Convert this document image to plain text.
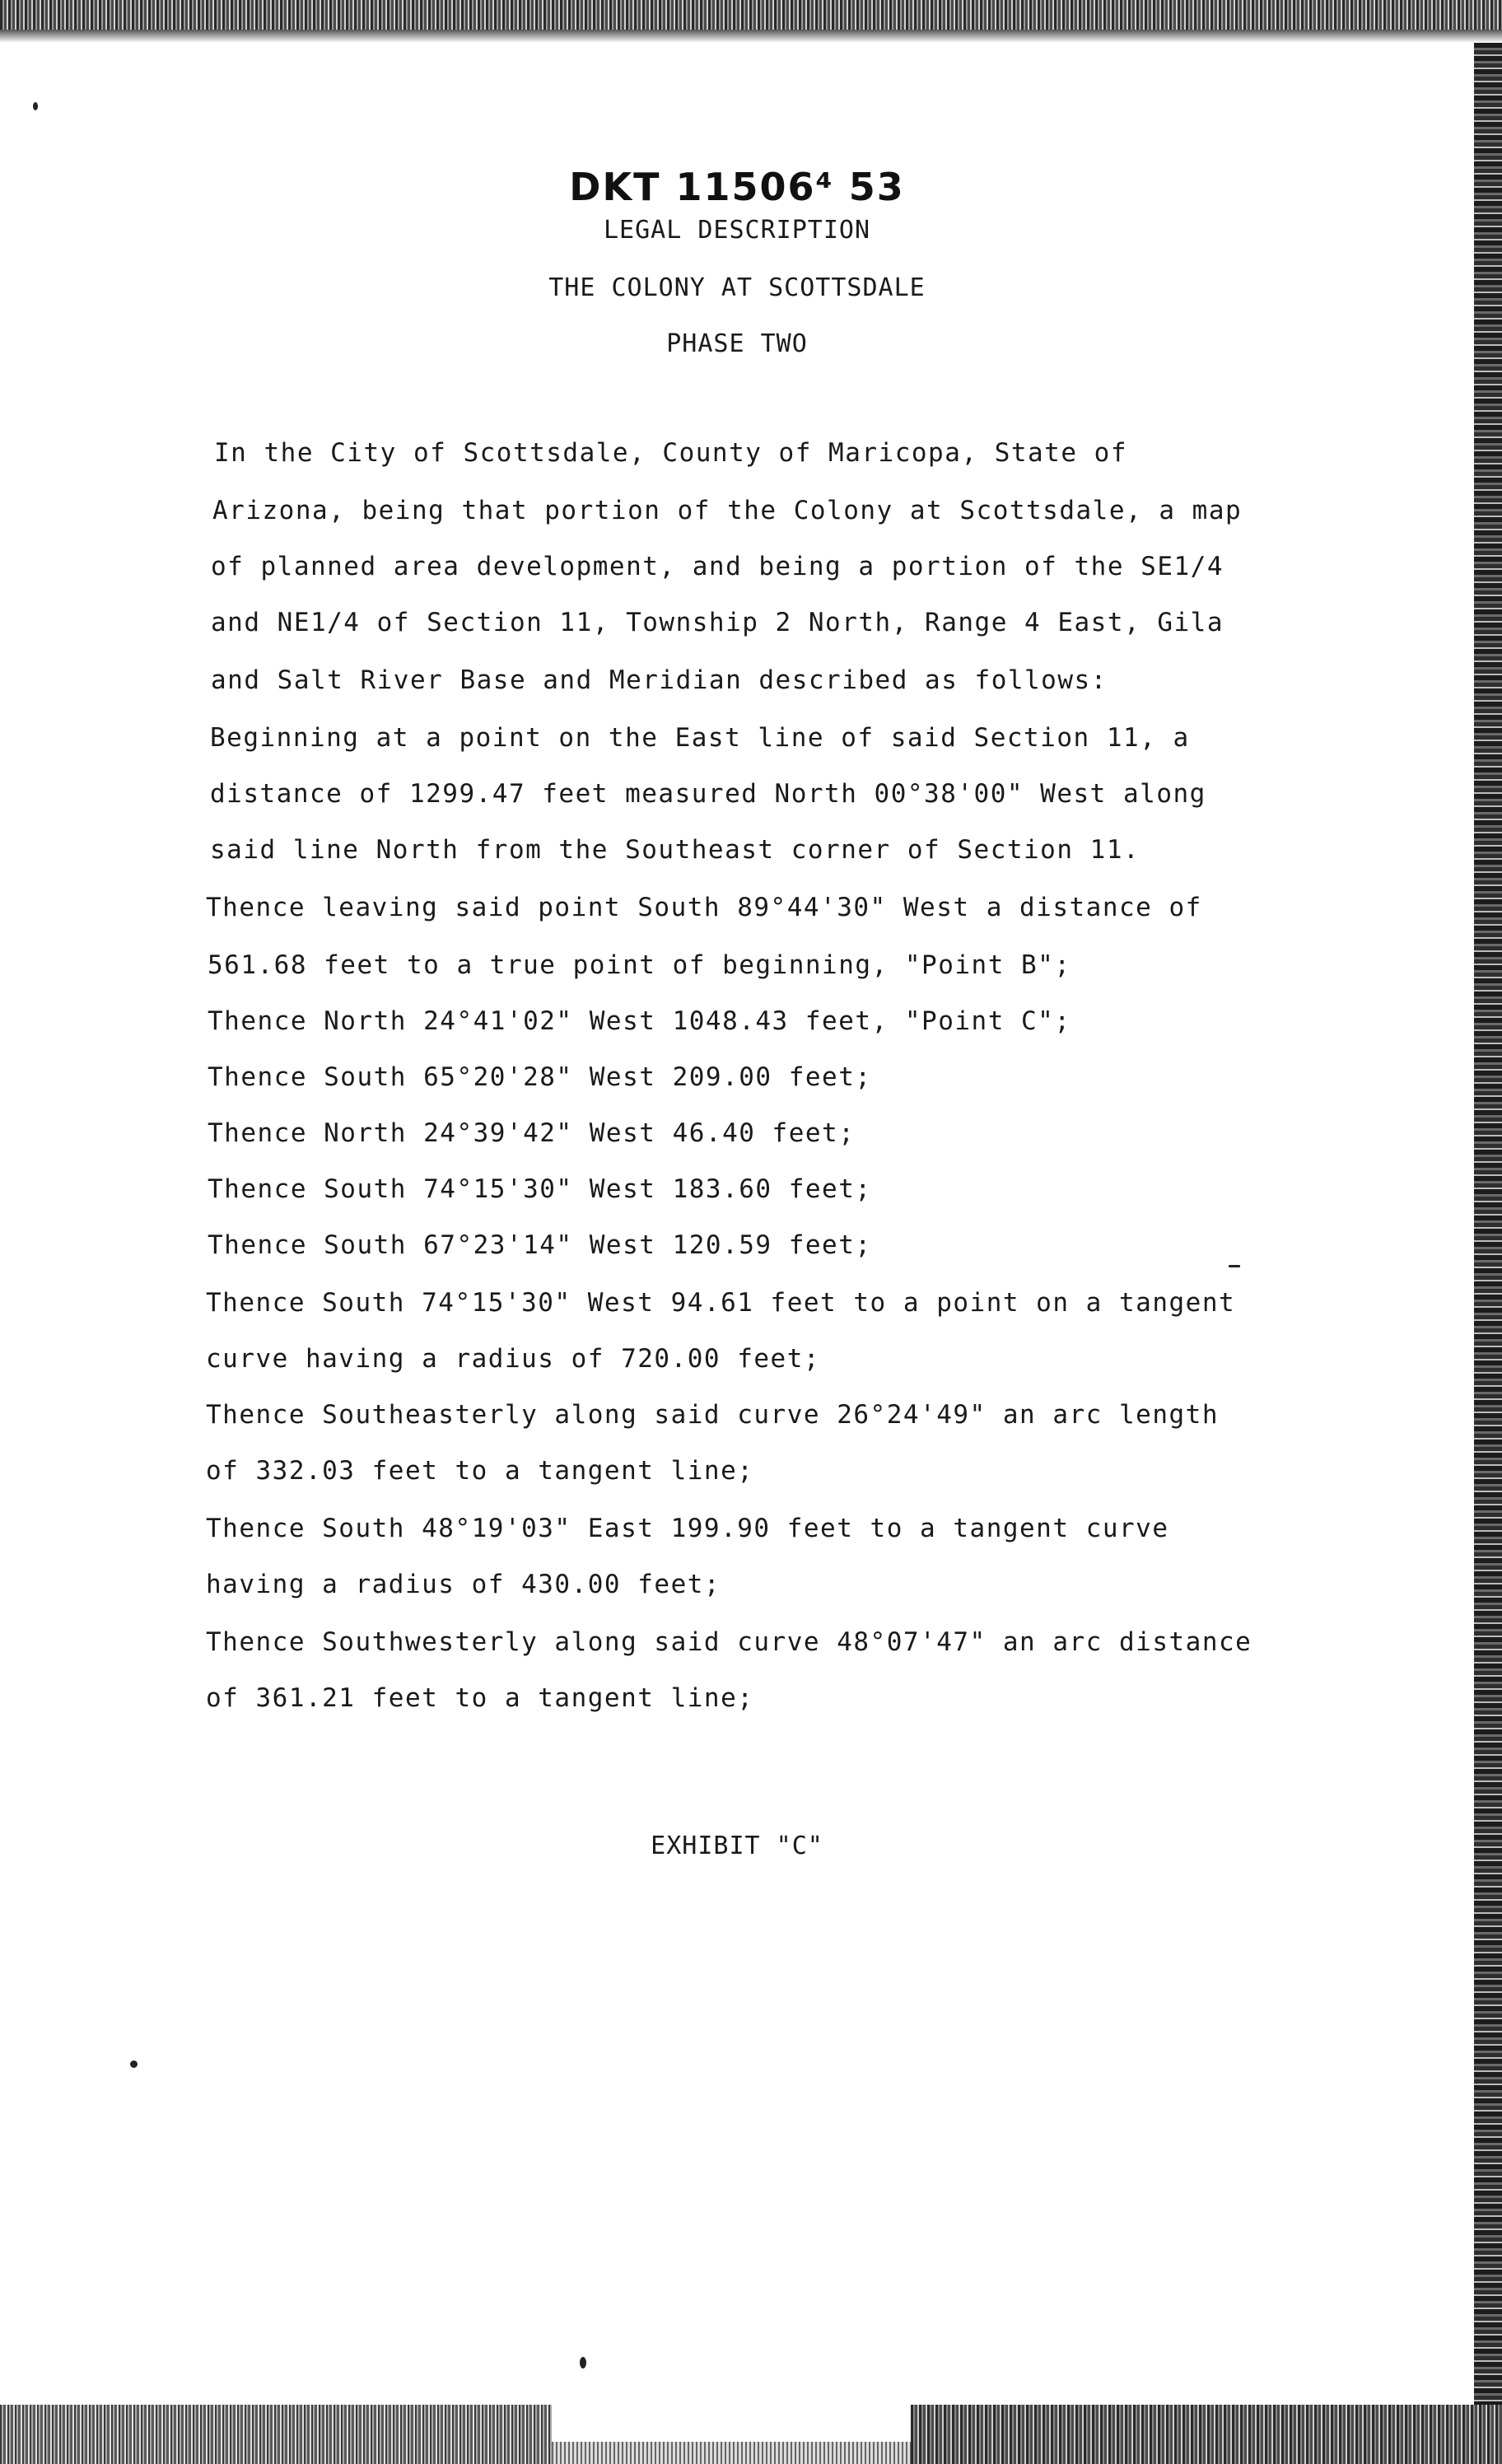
DKT 11506⁴ 53
LEGAL DESCRIPTION
THE COLONY AT SCOTTSDALE
PHASE TWO
In the City of Scottsdale, County of Maricopa, State of
Arizona, being that portion of the Colony at Scottsdale, a map
of planned area development, and being a portion of the SE1/4
and NE1/4 of Section 11, Township 2 North, Range 4 East, Gila
and Salt River Base and Meridian described as follows:
Beginning at a point on the East line of said Section 11, a
distance of 1299.47 feet measured North 00°38'00" West along
said line North from the Southeast corner of Section 11.
Thence leaving said point South 89°44'30" West a distance of
561.68 feet to a true point of beginning, "Point B";
Thence North 24°41'02" West 1048.43 feet, "Point C";
Thence South 65°20'28" West 209.00 feet;
Thence North 24°39'42" West 46.40 feet;
Thence South 74°15'30" West 183.60 feet;
Thence South 67°23'14" West 120.59 feet;
Thence South 74°15'30" West 94.61 feet to a point on a tangent
curve having a radius of 720.00 feet;
Thence Southeasterly along said curve 26°24'49" an arc length
of 332.03 feet to a tangent line;
Thence South 48°19'03" East 199.90 feet to a tangent curve
having a radius of 430.00 feet;
Thence Southwesterly along said curve 48°07'47" an arc distance
of 361.21 feet to a tangent line;
EXHIBIT "C"
